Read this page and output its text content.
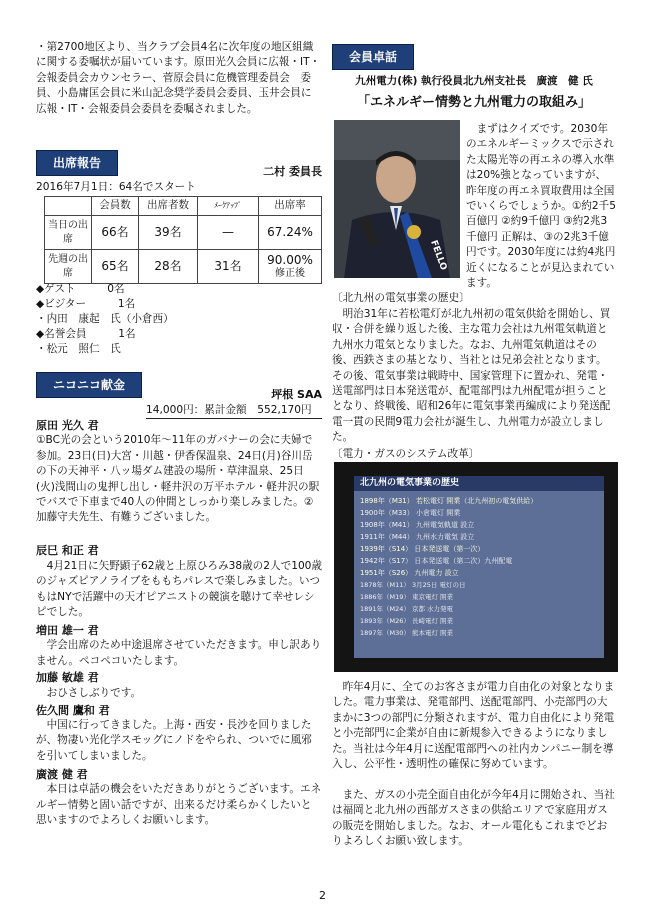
・第2700地区より、当クラブ会員4名に次年度の地区組織に関する委嘱状が届いています。原田光久会員に広報・IT・会報委員会カウンセラー、菅原会員に危機管理委員会　委員、小島庸匡会員に米山記念奨学委員会委員、玉井会員に広報・IT・会報委員会委員を委嘱されました。

出席報告
二村 委員長
2016年7月1日：64名でスタート
	会員数	出席者数	ﾒｰｸｱｯﾌﾟ	出席率
当日の出席	66名	39名	—	67.24%
先週の出席	65名	28名	31名	90.00%
修正後
◆ゲスト　　　0名
◆ビジター　　　1名
・内田　康起　氏（小倉西）
◆名誉会員　　　1名
・松元　照仁　氏
ニコニコ献金
坪根 SAA
14,000円：累計金額　552,170円
原田 光久 君

①BC光の会という2010年〜11年のガバナーの会に夫婦で参加。23日(日)大宮・川越・伊香保温泉、24日(月)谷川岳の下の天神平・八ッ場ダム建設の場所・草津温泉、25日(火)浅間山の鬼押し出し・軽井沢の万平ホテル・軽井沢の駅でバスで下車まで40人の仲間としっかり楽しみました。②加藤守夫先生、有難うございました。

辰巳 和正 君

4月21日に矢野顕子62歳と上原ひろみ38歳の2人で100歳のジャズピアノライブをももちパレスで楽しみました。いつもはNYで活躍中の天才ピアニストの競演を聴けて幸せレシピでした。

増田 雄一 君

学会出席のため中途退席させていただきます。申し訳ありません。ペコペコいたします。

加藤 敏雄 君

おひさしぶりです。

佐久間 鷹和 君

中国に行ってきました。上海・西安・長沙を回りましたが、物凄い光化学スモッグにノドをやられ、ついでに風邪を引いてしまいました。

廣渡 健 君

本日は卓話の機会をいただきありがとうございます。エネルギー情勢と固い話ですが、出来るだけ柔らかくしたいと思いますのでよろしくお願いします。

会員卓話
九州電力(株) 執行役員北九州支社長　廣渡　健 氏
「エネルギー情勢と九州電力の取組み」
FELLO

まずはクイズです。2030年のエネルギーミックスで示された太陽光等の再エネの導入水準は20%強となっていますが、昨年度の再エネ買取費用は全国でいくらでしょうか。①約2千5百億円 ②約9千億円 ③約2兆3千億円 正解は、③の2兆3千億円です。2030年度には約4兆円近くになることが見込まれています。

〔北九州の電気事業の歴史〕

明治31年に若松電灯が北九州初の電気供給を開始し、買収・合併を繰り返した後、主な電力会社は九州電気軌道と九州水力電気となりました。なお、九州電気軌道はその後、西鉄さまの基となり、当社とは兄弟会社となります。その後、電気事業は戦時中、国家管理下に置かれ、発電・送電部門は日本発送電が、配電部門は九州配電が担うこととなり、終戦後、昭和26年に電気事業再編成により発送配電一貫の民間9電力会社が誕生し、九州電力が設立しました。

〔電力・ガスのシステム改革〕
北九州の電気事業の歴史
1898年（M31） 若松電灯 開業（北九州初の電気供給）
1900年（M33） 小倉電灯 開業
1908年（M41） 九州電気軌道 設立
1911年（M44） 九州水力電気 設立
1939年（S14） 日本発送電（第一次）
1942年（S17） 日本発送電（第二次）九州配電
1951年（S26） 九州電力 設立
1878年（M11） 3月25日 電灯の日
1886年（M19） 東京電灯 開業
1891年（M24） 京都 水力発電
1893年（M26） 長崎電灯 開業
1897年（M30） 熊本電灯 開業

昨年4月に、全てのお客さまが電力自由化の対象となりました。電力事業は、発電部門、送配電部門、小売部門の大まかに3つの部門に分類されますが、電力自由化により発電と小売部門に企業が自由に新規参入できるようになりました。当社は今年4月に送配電部門への社内カンパニー制を導入し、公平性・透明性の確保に努めています。

また、ガスの小売全面自由化が今年4月に開始され、当社は福岡と北九州の西部ガスさまの供給エリアで家庭用ガスの販売を開始しました。なお、オール電化もこれまでどおりよろしくお願い致します。

2
